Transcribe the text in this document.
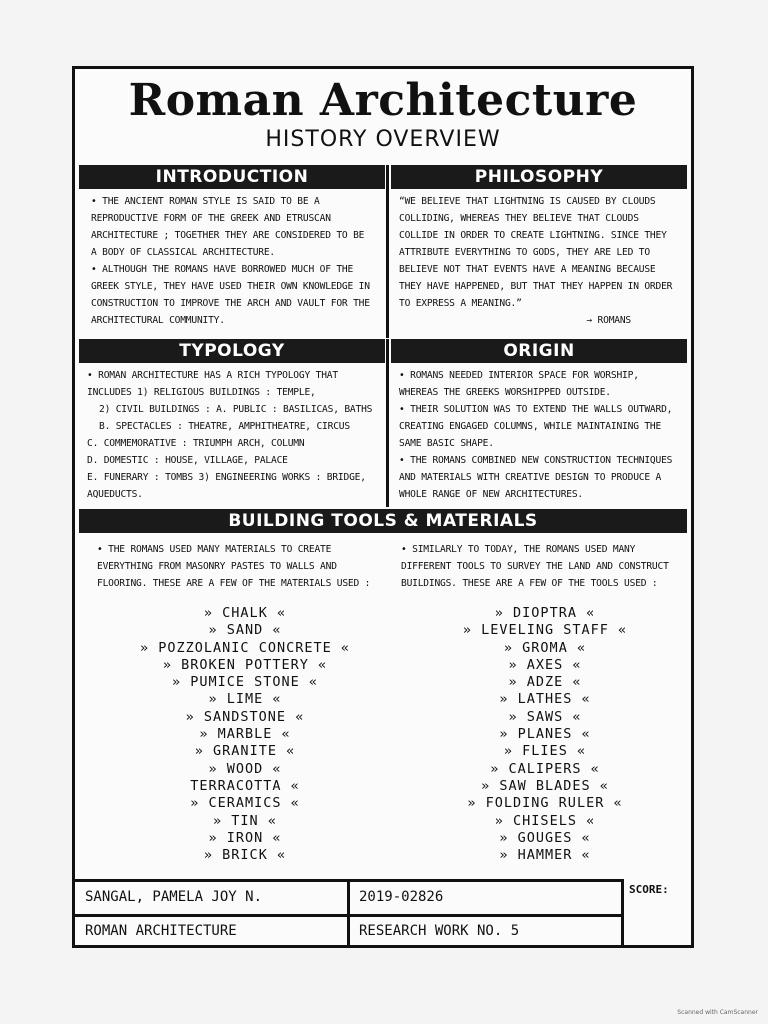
Roman Architecture
HISTORY OVERVIEW
INTRODUCTION	PHILOSOPHY

• THE ANCIENT ROMAN STYLE IS SAID TO BE A REPRODUCTIVE FORM OF THE GREEK AND ETRUSCAN ARCHITECTURE ; TOGETHER THEY ARE CONSIDERED TO BE A BODY OF CLASSICAL ARCHITECTURE.

• ALTHOUGH THE ROMANS HAVE BORROWED MUCH OF THE GREEK STYLE, THEY HAVE USED THEIR OWN KNOWLEDGE IN CONSTRUCTION TO IMPROVE THE ARCH AND VAULT FOR THE ARCHITECTURAL COMMUNITY.

“WE BELIEVE THAT LIGHTNING IS CAUSED BY CLOUDS COLLIDING, WHEREAS THEY BELIEVE THAT CLOUDS COLLIDE IN ORDER TO CREATE LIGHTNING. SINCE THEY ATTRIBUTE EVERYTHING TO GODS, THEY ARE LED TO BELIEVE NOT THAT EVENTS HAVE A MEANING BECAUSE THEY HAVE HAPPENED, BUT THAT THEY HAPPEN IN ORDER TO EXPRESS A MEANING.”

→ ROMANS

TYPOLOGY	ORIGIN

• ROMAN ARCHITECTURE HAS A RICH TYPOLOGY THAT

INCLUDES 1) RELIGIOUS BUILDINGS : TEMPLE,

2) CIVIL BUILDINGS : A. PUBLIC : BASILICAS, BATHS

B. SPECTACLES : THEATRE, AMPHITHEATRE, CIRCUS

C. COMMEMORATIVE : TRIUMPH ARCH, COLUMN

D. DOMESTIC : HOUSE, VILLAGE, PALACE

E. FUNERARY : TOMBS 3) ENGINEERING WORKS : BRIDGE,

AQUEDUCTS.

• ROMANS NEEDED INTERIOR SPACE FOR WORSHIP, WHEREAS THE GREEKS WORSHIPPED OUTSIDE.

• THEIR SOLUTION WAS TO EXTEND THE WALLS OUTWARD, CREATING ENGAGED COLUMNS, WHILE MAINTAINING THE SAME BASIC SHAPE.

• THE ROMANS COMBINED NEW CONSTRUCTION TECHNIQUES AND MATERIALS WITH CREATIVE DESIGN TO PRODUCE A WHOLE RANGE OF NEW ARCHITECTURES.

BUILDING TOOLS & MATERIALS
• THE ROMANS USED MANY MATERIALS TO CREATE EVERYTHING FROM MASONRY PASTES TO WALLS AND FLOORING. THESE ARE A FEW OF THE MATERIALS USED :
• SIMILARLY TO TODAY, THE ROMANS USED MANY DIFFERENT TOOLS TO SURVEY THE LAND AND CONSTRUCT BUILDINGS. THESE ARE A FEW OF THE TOOLS USED :
» CHALK «
» SAND «
» POZZOLANIC CONCRETE «
» BROKEN POTTERY «
» PUMICE STONE «
» LIME «
» SANDSTONE «
» MARBLE «
» GRANITE «
» WOOD «
TERRACOTTA «
» CERAMICS «
» TIN «
» IRON «
» BRICK «
» DIOPTRA «
» LEVELING STAFF «
» GROMA «
» AXES «
» ADZE «
» LATHES «
» SAWS «
» PLANES «
» FLIES «
» CALIPERS «
» SAW BLADES «
» FOLDING RULER «
» CHISELS «
» GOUGES «
» HAMMER «
SANGAL, PAMELA JOY N.	2019-02826
ROMAN ARCHITECTURE	RESEARCH WORK NO. 5
SCORE:
Scanned with CamScanner
